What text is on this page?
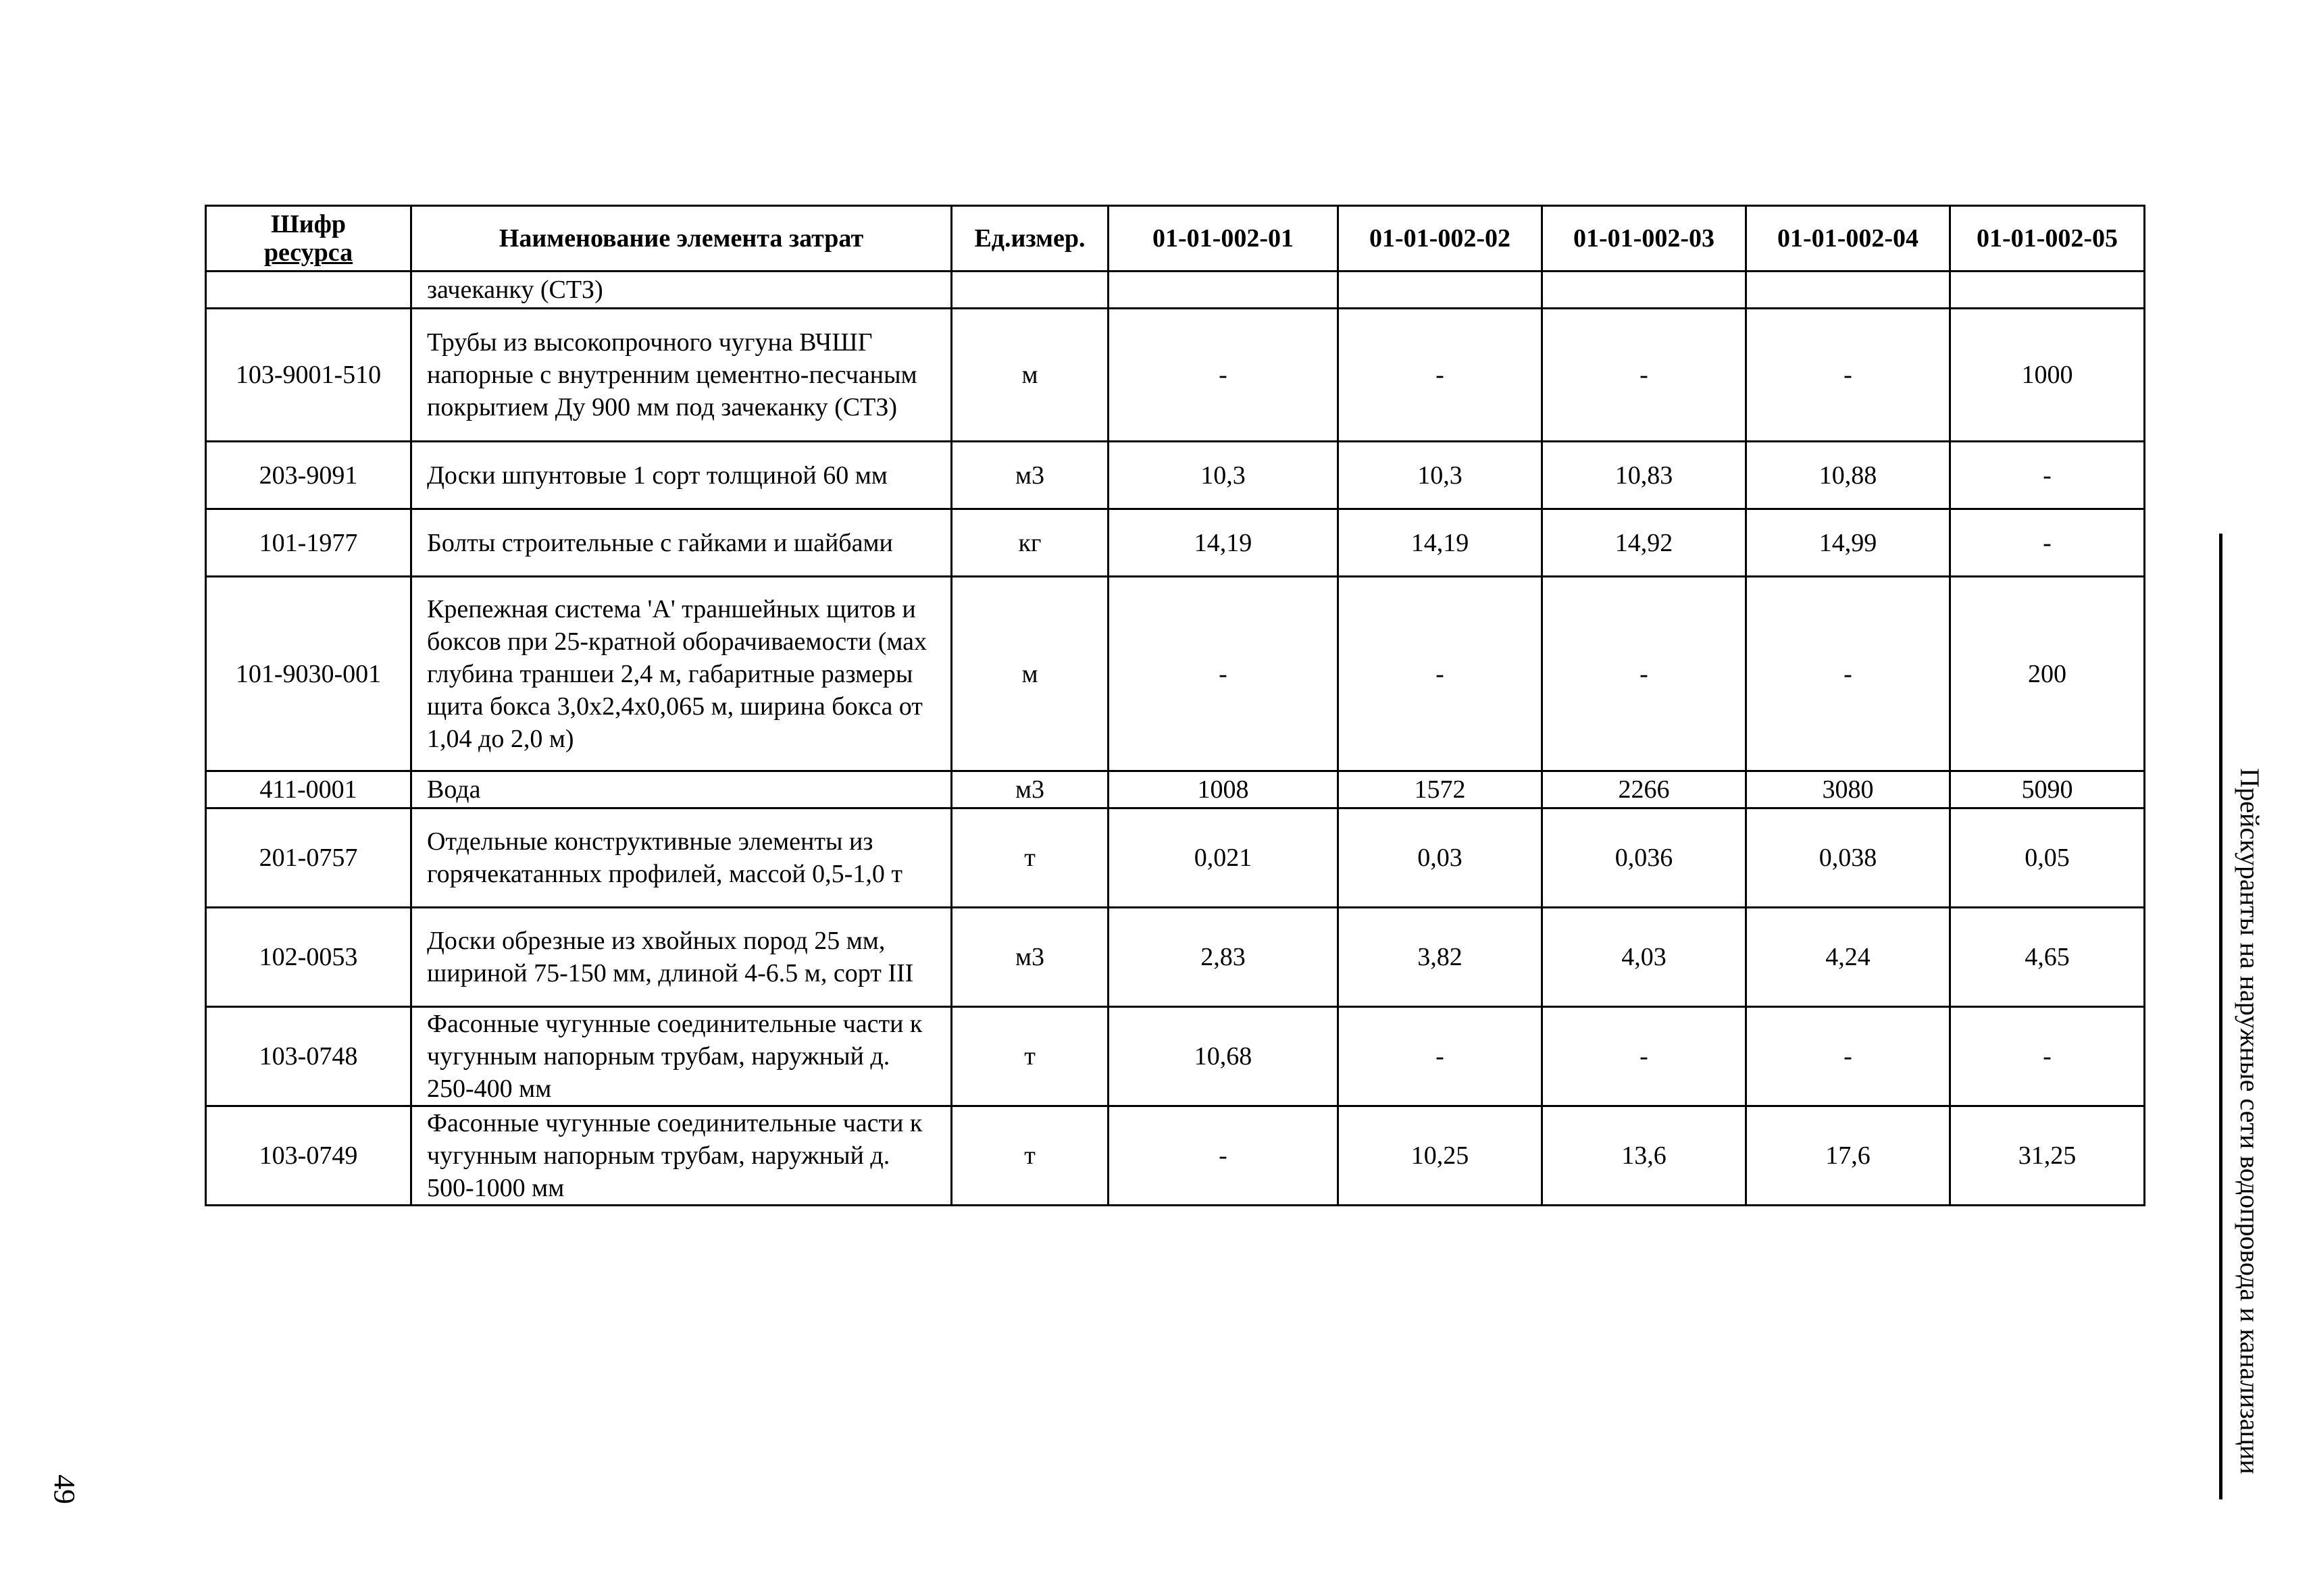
Шифр
ресурса	Наименование элемента затрат	Ед.измер.	01-01-002-01	01-01-002-02	01-01-002-03	01-01-002-04	01-01-002-05
	зачеканку (СТЗ)						
103-9001-510	Трубы из высокопрочного чугуна ВЧШГ напорные с внутренним цементно-песчаным покрытием Ду 900 мм под зачеканку (СТЗ)	м	-	-	-	-	1000
203-9091	Доски шпунтовые 1 сорт толщиной 60 мм	м3	10,3	10,3	10,83	10,88	-
101-1977	Болты строительные с гайками и шайбами	кг	14,19	14,19	14,92	14,99	-
101-9030-001	Крепежная система 'A' траншейных щитов и боксов при 25-кратной оборачиваемости (мах глубина траншеи 2,4 м, габаритные размеры щита бокса 3,0х2,4х0,065 м, ширина бокса от 1,04 до 2,0 м)	м	-	-	-	-	200
411-0001	Вода	м3	1008	1572	2266	3080	5090
201-0757	Отдельные конструктивные элементы из горячекатанных профилей, массой 0,5-1,0 т	т	0,021	0,03	0,036	0,038	0,05
102-0053	Доски обрезные из хвойных пород 25 мм, шириной 75-150 мм, длиной 4-6.5 м, сорт III	м3	2,83	3,82	4,03	4,24	4,65
103-0748	Фасонные чугунные соединительные части к чугунным напорным трубам, наружный д. 250-400 мм	т	10,68	-	-	-	-
103-0749	Фасонные чугунные соединительные части к чугунным напорным трубам, наружный д. 500-1000 мм	т	-	10,25	13,6	17,6	31,25	Прейскуранты на наружные сети водопровода и канализации
49
